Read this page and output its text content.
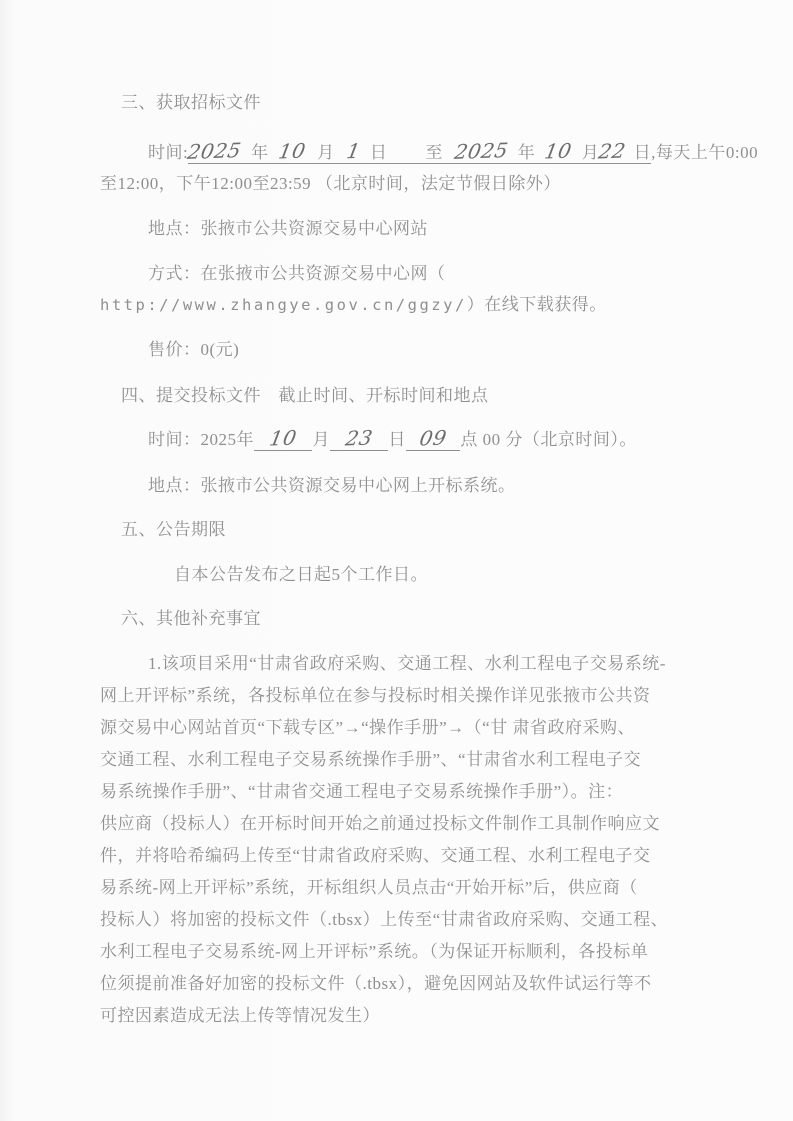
三、获取招标文件
时间:2025 年 10 月 1 日 至 2025 年 10 月22 日,每天上午0:00
至12:00，下午12:00至23:59 （北京时间，法定节假日除外）
地点：张掖市公共资源交易中心网站
方式：在张掖市公共资源交易中心网（
http://www.zhangye.gov.cn/ggzy/）在线下载获得。
售价：0(元)
四、提交投标文件　截止时间、开标时间和地点
时间：2025年 10 月 23 日 09 点 00 分（北京时间）。
地点：张掖市公共资源交易中心网上开标系统。
五、公告期限
自本公告发布之日起5个工作日。
六、其他补充事宜
1.该项目采用“甘肃省政府采购、交通工程、水利工程电子交易系统-
网上开评标”系统，各投标单位在参与投标时相关操作详见张掖市公共资
源交易中心网站首页“下载专区”→“操作手册”→（“甘 肃省政府采购、
交通工程、水利工程电子交易系统操作手册”、“甘肃省水利工程电子交
易系统操作手册”、“甘肃省交通工程电子交易系统操作手册”）。注：
供应商（投标人）在开标时间开始之前通过投标文件制作工具制作响应文
件，并将哈希编码上传至“甘肃省政府采购、交通工程、水利工程电子交
易系统-网上开评标”系统，开标组织人员点击“开始开标”后，供应商（
投标人）将加密的投标文件（.tbsx）上传至“甘肃省政府采购、交通工程、
水利工程电子交易系统-网上开评标”系统。（为保证开标顺利，各投标单
位须提前准备好加密的投标文件（.tbsx），避免因网站及软件试运行等不
可控因素造成无法上传等情况发生）
